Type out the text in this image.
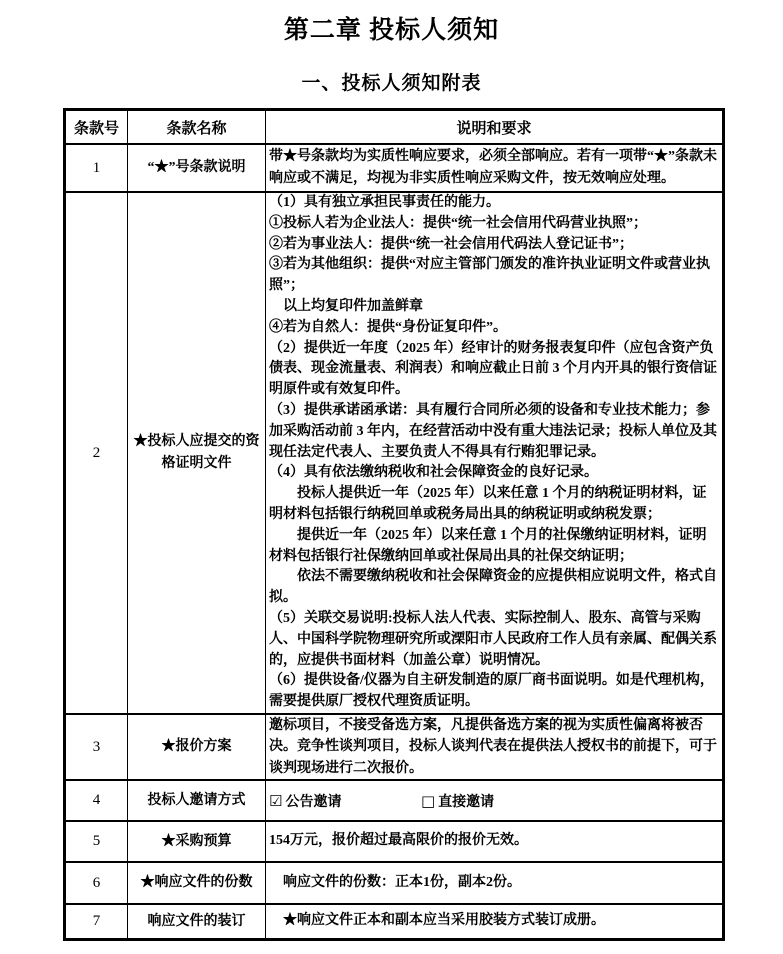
第二章 投标人须知
一、投标人须知附表
条款号	条款名称	说明和要求
1	“★”号条款说明	带★号条款均为实质性响应要求，必须全部响应。若有一项带“★”条款未响应或不满足，均视为非实质性响应采购文件，按无效响应处理。

2	★投标人应提交的资格证明文件	

（1）具有独立承担民事责任的能力。

①投标人若为企业法人：提供“统一社会信用代码营业执照”；

②若为事业法人：提供“统一社会信用代码法人登记证书”；

③若为其他组织：提供“对应主管部门颁发的准许执业证明文件或营业执照”；

　以上均复印件加盖鲜章

④若为自然人：提供“身份证复印件”。

（2）提供近一年度（2025 年）经审计的财务报表复印件（应包含资产负债表、现金流量表、利润表）和响应截止日前 3 个月内开具的银行资信证明原件或有效复印件。

（3）提供承诺函承诺：具有履行合同所必须的设备和专业技术能力；参加采购活动前 3 年内，在经营活动中没有重大违法记录；投标人单位及其现任法定代表人、主要负责人不得具有行贿犯罪记录。

（4）具有依法缴纳税收和社会保障资金的良好记录。

　　投标人提供近一年（2025 年）以来任意 1 个月的纳税证明材料，证明材料包括银行纳税回单或税务局出具的纳税证明或纳税发票；

　　提供近一年（2025 年）以来任意 1 个月的社保缴纳证明材料，证明材料包括银行社保缴纳回单或社保局出具的社保交纳证明；

　　依法不需要缴纳税收和社会保障资金的应提供相应说明文件，格式自拟。

（5）关联交易说明:投标人法人代表、实际控制人、股东、高管与采购人、中国科学院物理研究所或溧阳市人民政府工作人员有亲属、配偶关系的，应提供书面材料（加盖公章）说明情况。

（6）提供设备/仪器为自主研发制造的原厂商书面说明。如是代理机构，需要提供原厂授权代理资质证明。

3	★报价方案	邀标项目，不接受备选方案，凡提供备选方案的视为实质性偏离将被否决。竞争性谈判项目，投标人谈判代表在提供法人授权书的前提下，可于谈判现场进行二次报价。

4	投标人邀请方式	☑ 公告邀请 □ 直接邀请
5	★采购预算	154万元，报价超过最高限价的报价无效。

6	★响应文件的份数	　响应文件的份数：正本1份，副本2份。

7	响应文件的装订	　★响应文件正本和副本应当采用胶装方式装订成册。
